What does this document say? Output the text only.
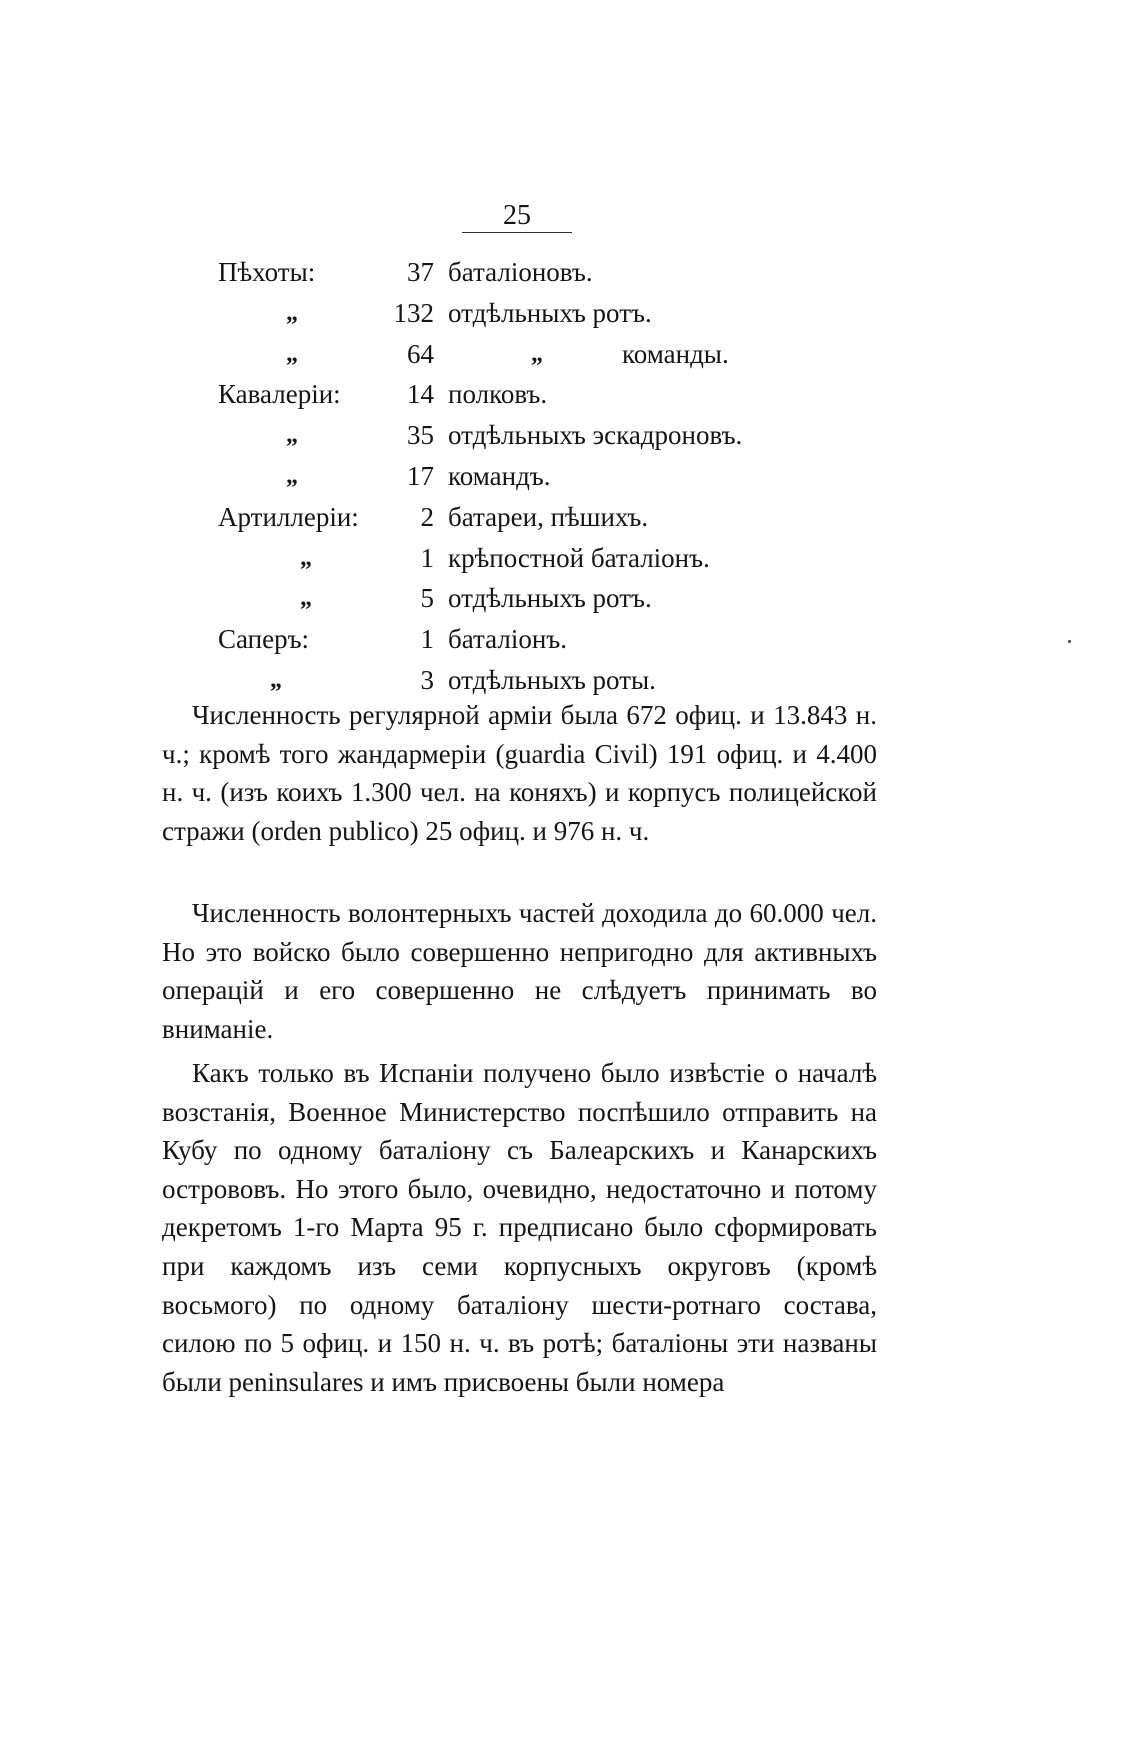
25
Пѣхоты:	37 баталіоновъ.
„	132 отдѣльныхъ ротъ.
„	64	„	команды.
Кавалеріи:	14 полковъ.
„	35 отдѣльныхъ эскадроновъ.
„	17 командъ.
Артиллеріи:	2 батареи, пѣшихъ.
„	1 крѣпостной баталіонъ.
„	5 отдѣльныхъ ротъ.
Саперъ:	1 баталіонъ.
„	3 отдѣльныхъ роты.

Численность регулярной арміи была 672 офиц. и 13.843 н. ч.; кромѣ того жандармеріи (guardia Civil) 191 офиц. и 4.400 н. ч. (изъ коихъ 1.300 чел. на коняхъ) и корпусъ полицейской стражи (orden publico) 25 офиц. и 976 н. ч.

Численность волонтерныхъ частей доходила до 60.000 чел. Но это войско было совершенно непригодно для активныхъ операцій и его совершенно не слѣдуетъ принимать во вниманіе.

Какъ только въ Испаніи получено было извѣстіе о началѣ возстанія, Военное Министерство поспѣшило отправить на Кубу по одному баталіону съ Балеарскихъ и Канарскихъ острововъ. Но этого было, очевидно, недостаточно и потому декретомъ 1-го Марта 95 г. предписано было сформировать при каждомъ изъ семи корпусныхъ округовъ (кромѣ восьмого) по одному баталіону шести-ротнаго состава, силою по 5 офиц. и 150 н. ч. въ ротѣ; баталіоны эти названы были peninsulares и имъ присвоены были номера
